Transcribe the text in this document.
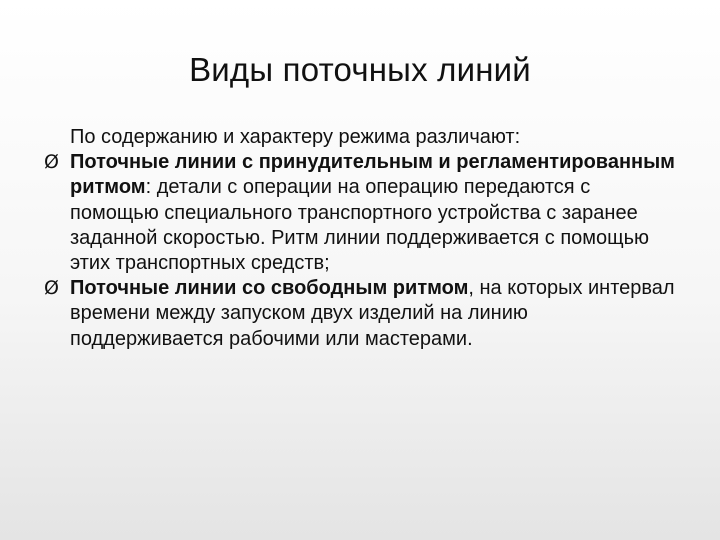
Виды поточных линий

По содержанию и характеру режима различают:

Ø Поточные линии с принудительным и регламентированным ритмом: детали с операции на операцию передаются с помощью специального транспортного устройства с заранее заданной скоростью. Ритм линии поддерживается с помощью этих транспортных средств;
Ø Поточные линии со свободным ритмом, на которых интервал времени между запуском двух изделий на линию поддерживается рабочими или мастерами.
